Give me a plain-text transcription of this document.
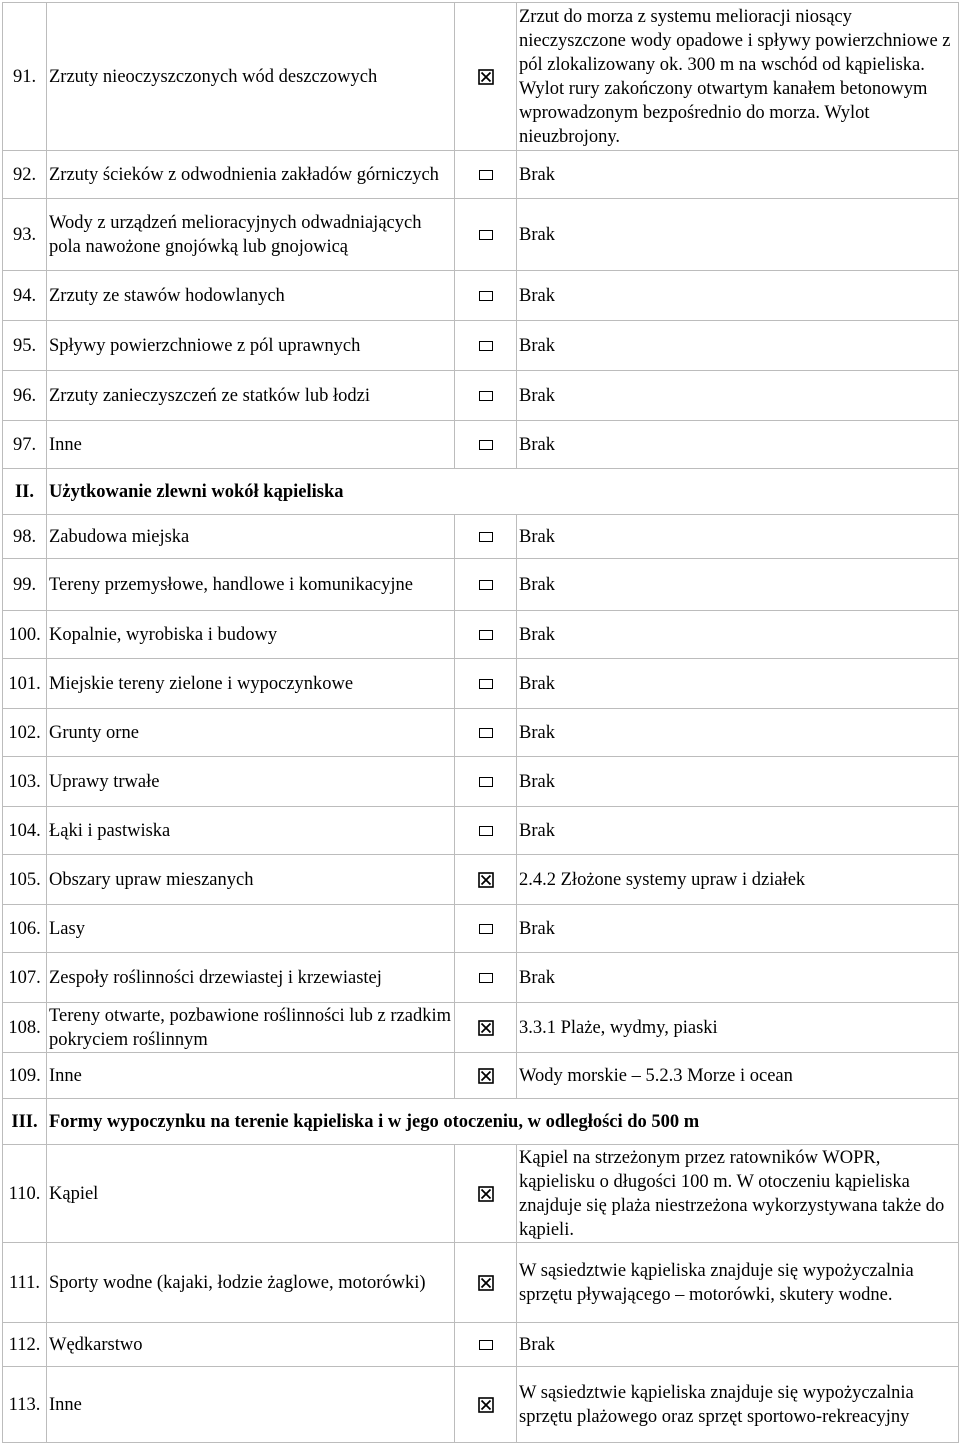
91.	Zrzuty nieoczyszczonych wód deszczowych		Zrzut do morza z systemu melioracji niosący nieczyszczone wody opadowe i spływy powierzchniowe z pól zlokalizowany ok. 300 m na wschód od kąpieliska. Wylot rury zakończony otwartym kanałem betonowym wprowadzonym bezpośrednio do morza. Wylot nieuzbrojony.
92.	Zrzuty ścieków z odwodnienia zakładów górniczych		Brak
93.	Wody z urządzeń melioracyjnych odwadniających pola nawożone gnojówką lub gnojowicą		Brak
94.	Zrzuty ze stawów hodowlanych		Brak
95.	Spływy powierzchniowe z pól uprawnych		Brak
96.	Zrzuty zanieczyszczeń ze statków lub łodzi		Brak
97.	Inne		Brak
II.	Użytkowanie zlewni wokół kąpieliska		
98.	Zabudowa miejska		Brak
99.	Tereny przemysłowe, handlowe i komunikacyjne		Brak
100.	Kopalnie, wyrobiska i budowy		Brak
101.	Miejskie tereny zielone i wypoczynkowe		Brak
102.	Grunty orne		Brak
103.	Uprawy trwałe		Brak
104.	Łąki i pastwiska		Brak
105.	Obszary upraw mieszanych		2.4.2 Złożone systemy upraw i działek
106.	Lasy		Brak
107.	Zespoły roślinności drzewiastej i krzewiastej		Brak
108.	Tereny otwarte, pozbawione roślinności lub z rzadkim pokryciem roślinnym		3.3.1 Plaże, wydmy, piaski
109.	Inne		Wody morskie – 5.2.3 Morze i ocean
III.	Formy wypoczynku na terenie kąpieliska i w jego otoczeniu, w odległości do 500 m		
110.	Kąpiel		Kąpiel na strzeżonym przez ratowników WOPR, kąpielisku o długości 100 m. W otoczeniu kąpieliska znajduje się plaża niestrzeżona wykorzystywana także do kąpieli.
111.	Sporty wodne (kajaki, łodzie żaglowe, motorówki)		W sąsiedztwie kąpieliska znajduje się wypożyczalnia sprzętu pływającego – motorówki, skutery wodne.
112.	Wędkarstwo		Brak
113.	Inne		W sąsiedztwie kąpieliska znajduje się wypożyczalnia sprzętu plażowego oraz sprzęt sportowo-rekreacyjny
